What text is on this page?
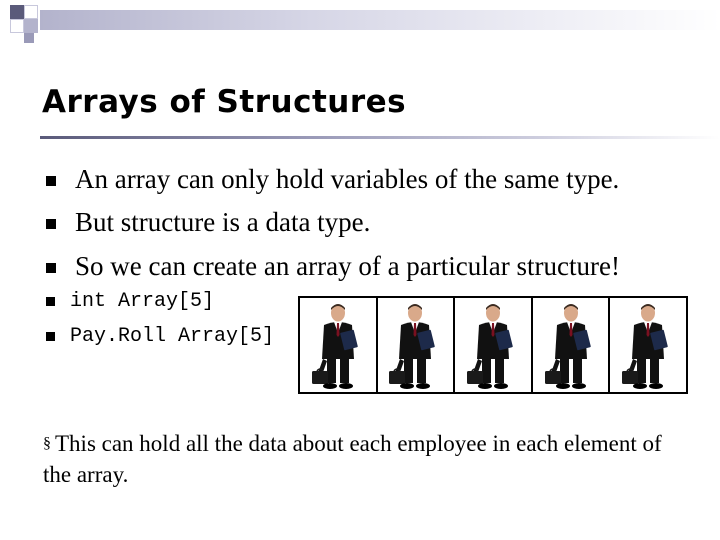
Arrays of Structures
An array can only hold variables of the same type.
But structure is a data type.
So we can create an array of a particular structure!
int Array[5]
Pay.Roll Array[5]

§ This can hold all the data about each employee in each element of the array.
